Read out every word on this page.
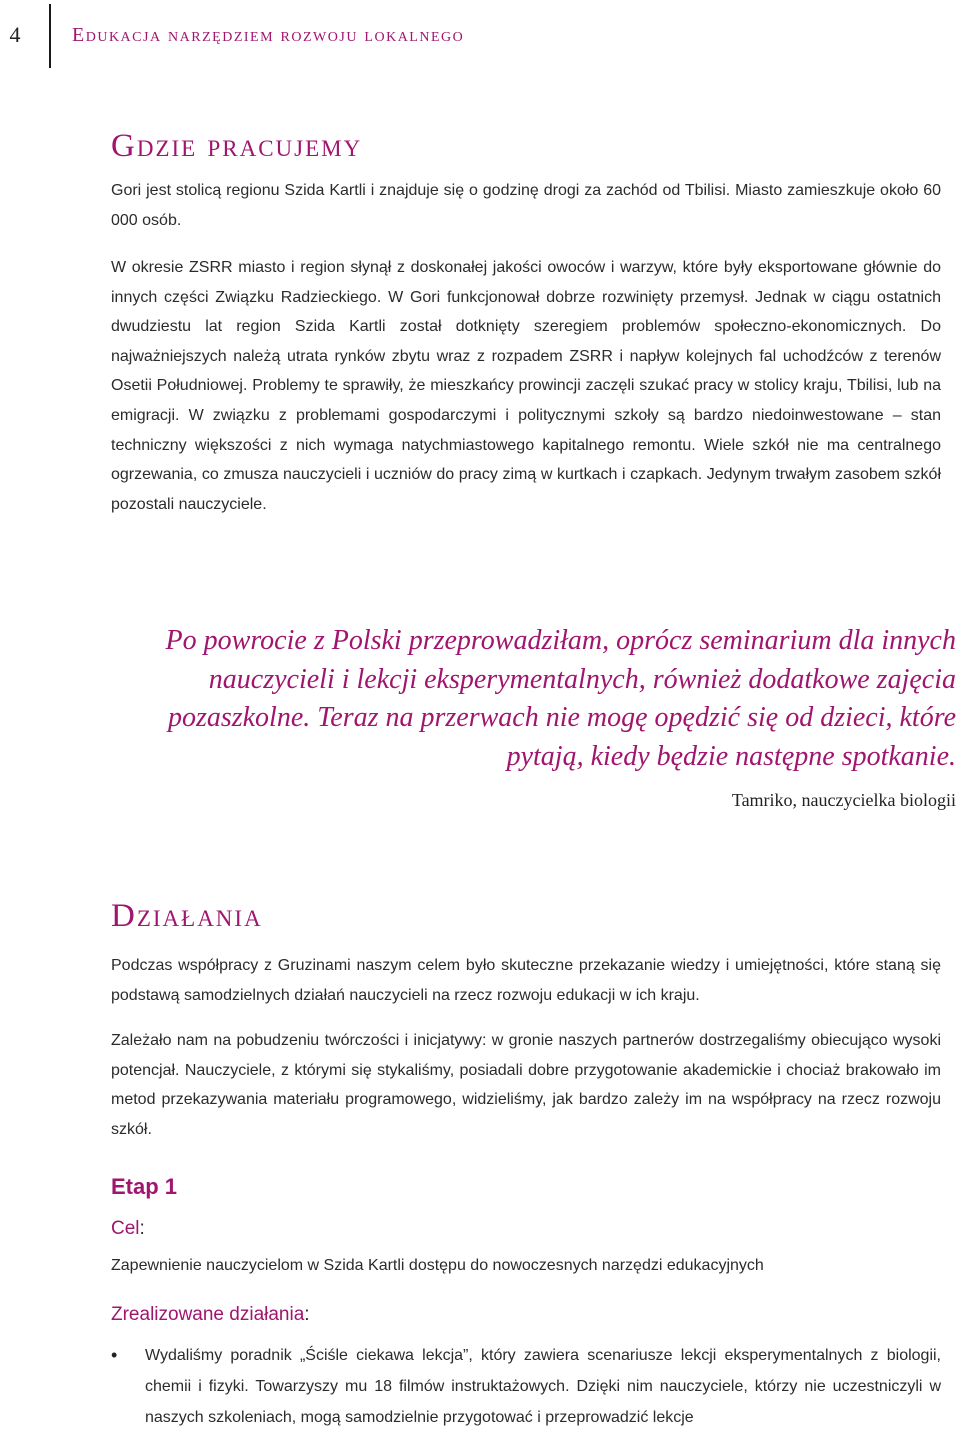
4	Edukacja narzędziem rozwoju lokalnego
Gdzie pracujemy

Gori jest stolicą regionu Szida Kartli i znajduje się o godzinę drogi za zachód od Tbilisi. Miasto zamieszkuje około 60 000 osób.

W okresie ZSRR miasto i region słynął z doskonałej jakości owoców i warzyw, które były eksportowane głównie do innych części Związku Radzieckiego. W Gori funkcjonował dobrze rozwinięty przemysł. Jednak w ciągu ostatnich dwudziestu lat region Szida Kartli został dotknięty szeregiem problemów społeczno-ekonomicznych. Do najważniejszych należą utrata rynków zbytu wraz z rozpadem ZSRR i napływ kolejnych fal uchodźców z terenów Osetii Południowej. Problemy te sprawiły, że mieszkańcy prowincji zaczęli szukać pracy w stolicy kraju, Tbilisi, lub na emigracji. W związku z problemami gospodarczymi i politycznymi szkoły są bardzo niedoinwestowane – stan techniczny większości z nich wymaga natychmiastowego kapitalnego remontu. Wiele szkół nie ma centralnego ogrzewania, co zmusza nauczycieli i uczniów do pracy zimą w kurtkach i czapkach. Jedynym trwałym zasobem szkół pozostali nauczyciele.

Po powrocie z Polski przeprowadziłam, oprócz seminarium dla innych nauczycieli i lekcji eksperymentalnych, również dodatkowe zajęcia pozaszkolne. Teraz na przerwach nie mogę opędzić się od dzieci, które pytają, kiedy będzie następne spotkanie.

Tamriko, nauczycielka biologii
Działania

Podczas współpracy z Gruzinami naszym celem było skuteczne przekazanie wiedzy i umiejętności, które staną się podstawą samodzielnych działań nauczycieli na rzecz rozwoju edukacji w ich kraju.

Zależało nam na pobudzeniu twórczości i inicjatywy: w gronie naszych partnerów dostrzegaliśmy obiecująco wysoki potencjał. Nauczyciele, z którymi się stykaliśmy, posiadali dobre przygotowanie akademickie i chociaż brakowało im metod przekazywania materiału programowego, widzieliśmy, jak bardzo zależy im na współpracy na rzecz rozwoju szkół.

Etap 1
Cel:

Zapewnienie nauczycielom w Szida Kartli dostępu do nowoczesnych narzędzi edukacyjnych

Zrealizowane działania:
• Wydaliśmy poradnik „Ściśle ciekawa lekcja”, który zawiera scenariusze lekcji eksperymentalnych z biologii, chemii i fizyki. Towarzyszy mu 18 filmów instruktażowych. Dzięki nim nauczyciele, którzy nie uczestniczyli w naszych szkoleniach, mogą samodzielnie przygotować i przeprowadzić lekcje
